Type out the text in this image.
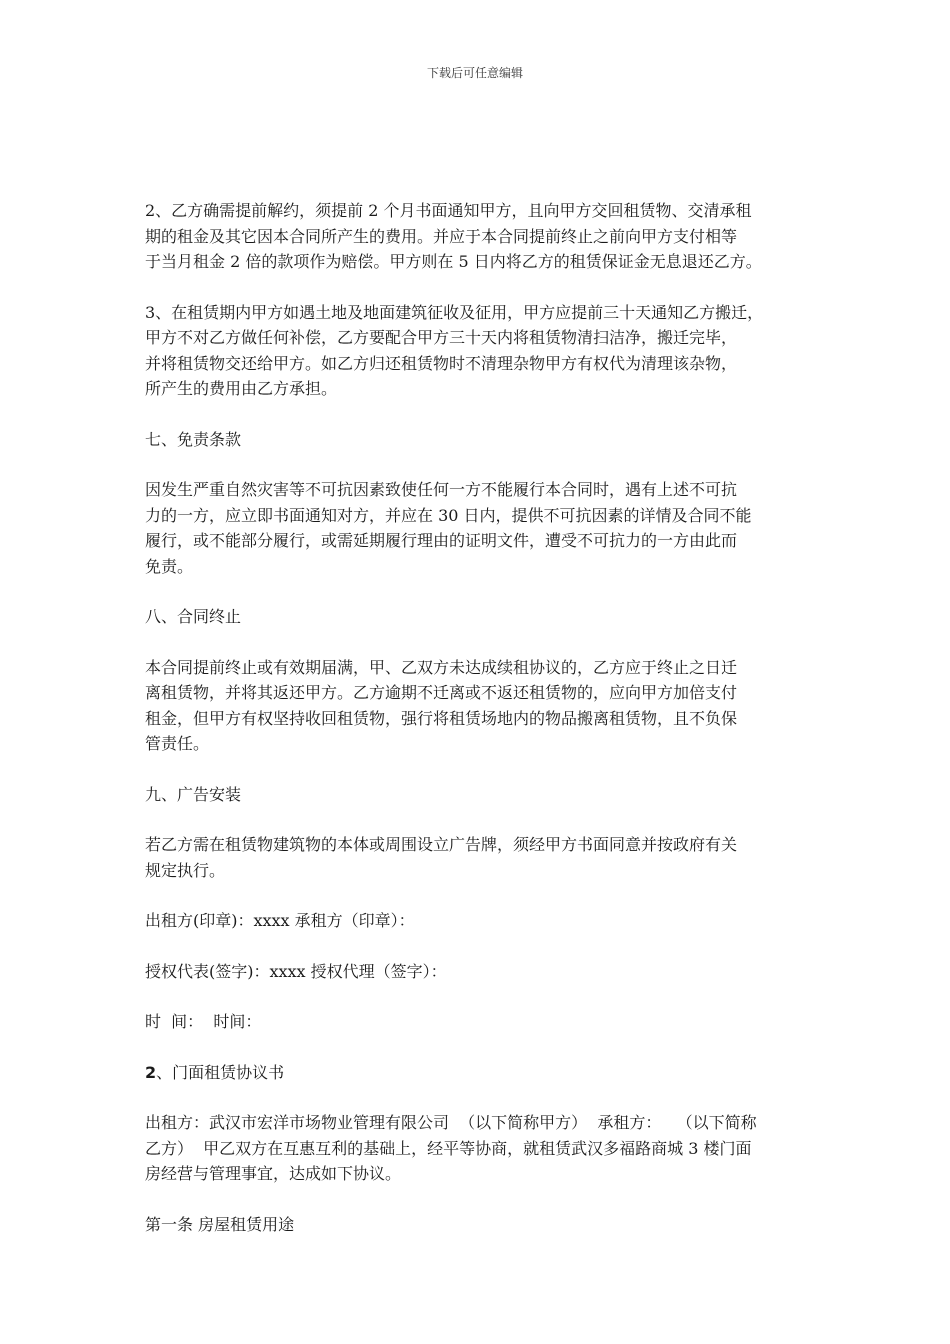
下载后可任意编辑

2、乙方确需提前解约，须提前 2 个月书面通知甲方，且向甲方交回租赁物、交清承租
期的租金及其它因本合同所产生的费用。并应于本合同提前终止之前向甲方支付相等
于当月租金 2 倍的款项作为赔偿。甲方则在 5 日内将乙方的租赁保证金无息退还乙方。

3、在租赁期内甲方如遇土地及地面建筑征收及征用，甲方应提前三十天通知乙方搬迁，
甲方不对乙方做任何补偿，乙方要配合甲方三十天内将租赁物清扫洁净，搬迁完毕，
并将租赁物交还给甲方。如乙方归还租赁物时不清理杂物甲方有权代为清理该杂物，
所产生的费用由乙方承担。

七、免责条款

因发生严重自然灾害等不可抗因素致使任何一方不能履行本合同时，遇有上述不可抗
力的一方，应立即书面通知对方，并应在 30 日内，提供不可抗因素的详情及合同不能
履行，或不能部分履行，或需延期履行理由的证明文件，遭受不可抗力的一方由此而
免责。

八、合同终止

本合同提前终止或有效期届满，甲、乙双方未达成续租协议的，乙方应于终止之日迁
离租赁物，并将其返还甲方。乙方逾期不迁离或不返还租赁物的，应向甲方加倍支付
租金，但甲方有权坚持收回租赁物，强行将租赁场地内的物品搬离租赁物，且不负保
管责任。

九、广告安装

若乙方需在租赁物建筑物的本体或周围设立广告牌，须经甲方书面同意并按政府有关
规定执行。

出租方(印章)：xxxx 承租方（印章）：

授权代表(签字)：xxxx 授权代理（签字）：

时  间：  时间：

2、门面租赁协议书

出租方：武汉市宏洋市场物业管理有限公司  （以下简称甲方）  承租方：   （以下简称
乙方）  甲乙双方在互惠互利的基础上，经平等协商，就租赁武汉多福路商城 3 楼门面
房经营与管理事宜，达成如下协议。

第一条 房屋租赁用途
